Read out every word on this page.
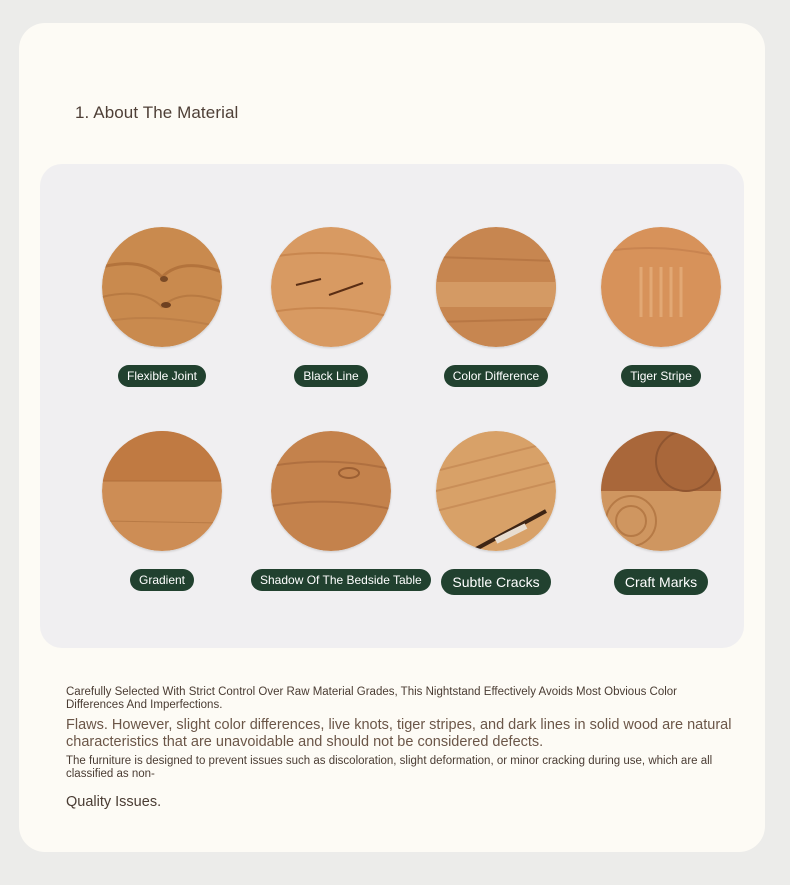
1. About The Material
Flexible Joint	Black Line	Color Difference	Tiger Stripe
Gradient	Shadow Of The Bedside Table	Subtle Cracks	Craft Marks
Carefully Selected With Strict Control Over Raw Material Grades, This Nightstand Effectively Avoids Most Obvious Color Differences And Imperfections.
Flaws. However, slight color differences, live knots, tiger stripes, and dark lines in solid wood are natural characteristics that are unavoidable and should not be considered defects.
The furniture is designed to prevent issues such as discoloration, slight deformation, or minor cracking during use, which are all classified as non-
Quality Issues.
